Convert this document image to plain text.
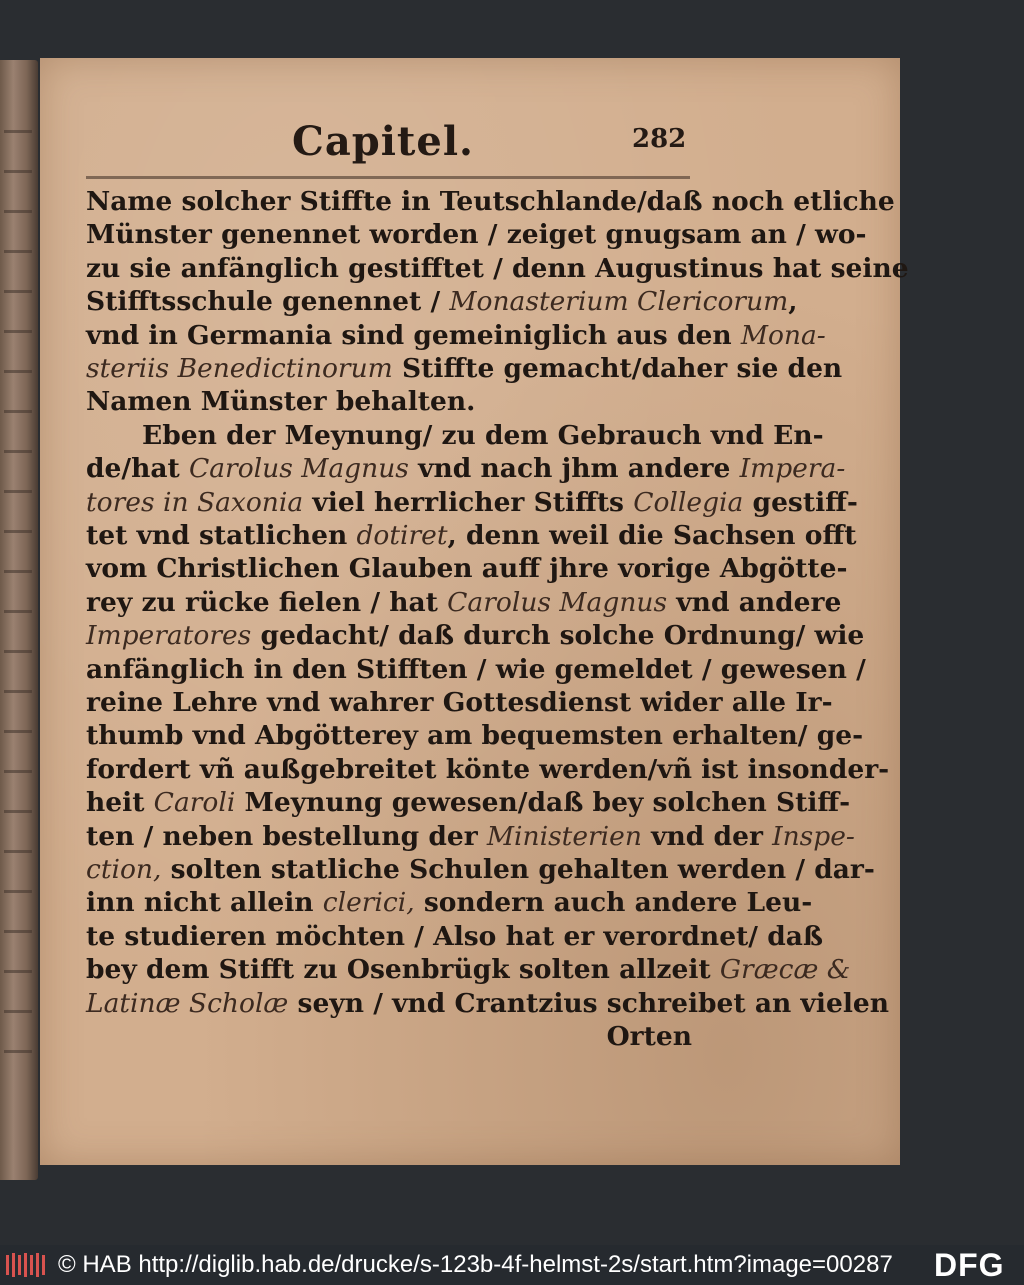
Capitel.	282
Name solcher Stiffte in Teutschlande/daß noch etliche
Münster genennet worden / zeiget gnugsam an / wo-
zu sie anfänglich gestifftet / denn Augustinus hat seine
Stifftsschule genennet / Monasterium Clericorum,
vnd in Germania sind gemeiniglich aus den Mona-
steriis Benedictinorum Stiffte gemacht/daher sie den
Namen Münster behalten.
Eben der Meynung/ zu dem Gebrauch vnd En-
de/hat Carolus Magnus vnd nach jhm andere Impera-
tores in Saxonia viel herrlicher Stiffts Collegia gestiff-
tet vnd statlichen dotiret, denn weil die Sachsen offt
vom Christlichen Glauben auff jhre vorige Abgötte-
rey zu rücke fielen / hat Carolus Magnus vnd andere
Imperatores gedacht/ daß durch solche Ordnung/ wie
anfänglich in den Stifften / wie gemeldet / gewesen /
reine Lehre vnd wahrer Gottesdienst wider alle Ir-
thumb vnd Abgötterey am bequemsten erhalten/ ge-
fordert vñ außgebreitet könte werden/vñ ist insonder-
heit Caroli Meynung gewesen/daß bey solchen Stiff-
ten / neben bestellung der Ministerien vnd der Inspe-
ction, solten statliche Schulen gehalten werden / dar-
inn nicht allein clerici, sondern auch andere Leu-
te studieren möchten / Also hat er verordnet/ daß
bey dem Stifft zu Osenbrügk solten allzeit Græcæ &
Latinæ Scholæ seyn / vnd Crantzius schreibet an vielen
Orten
© HAB http://diglib.hab.de/drucke/s-123b-4f-helmst-2s/start.htm?image=00287	DFG
